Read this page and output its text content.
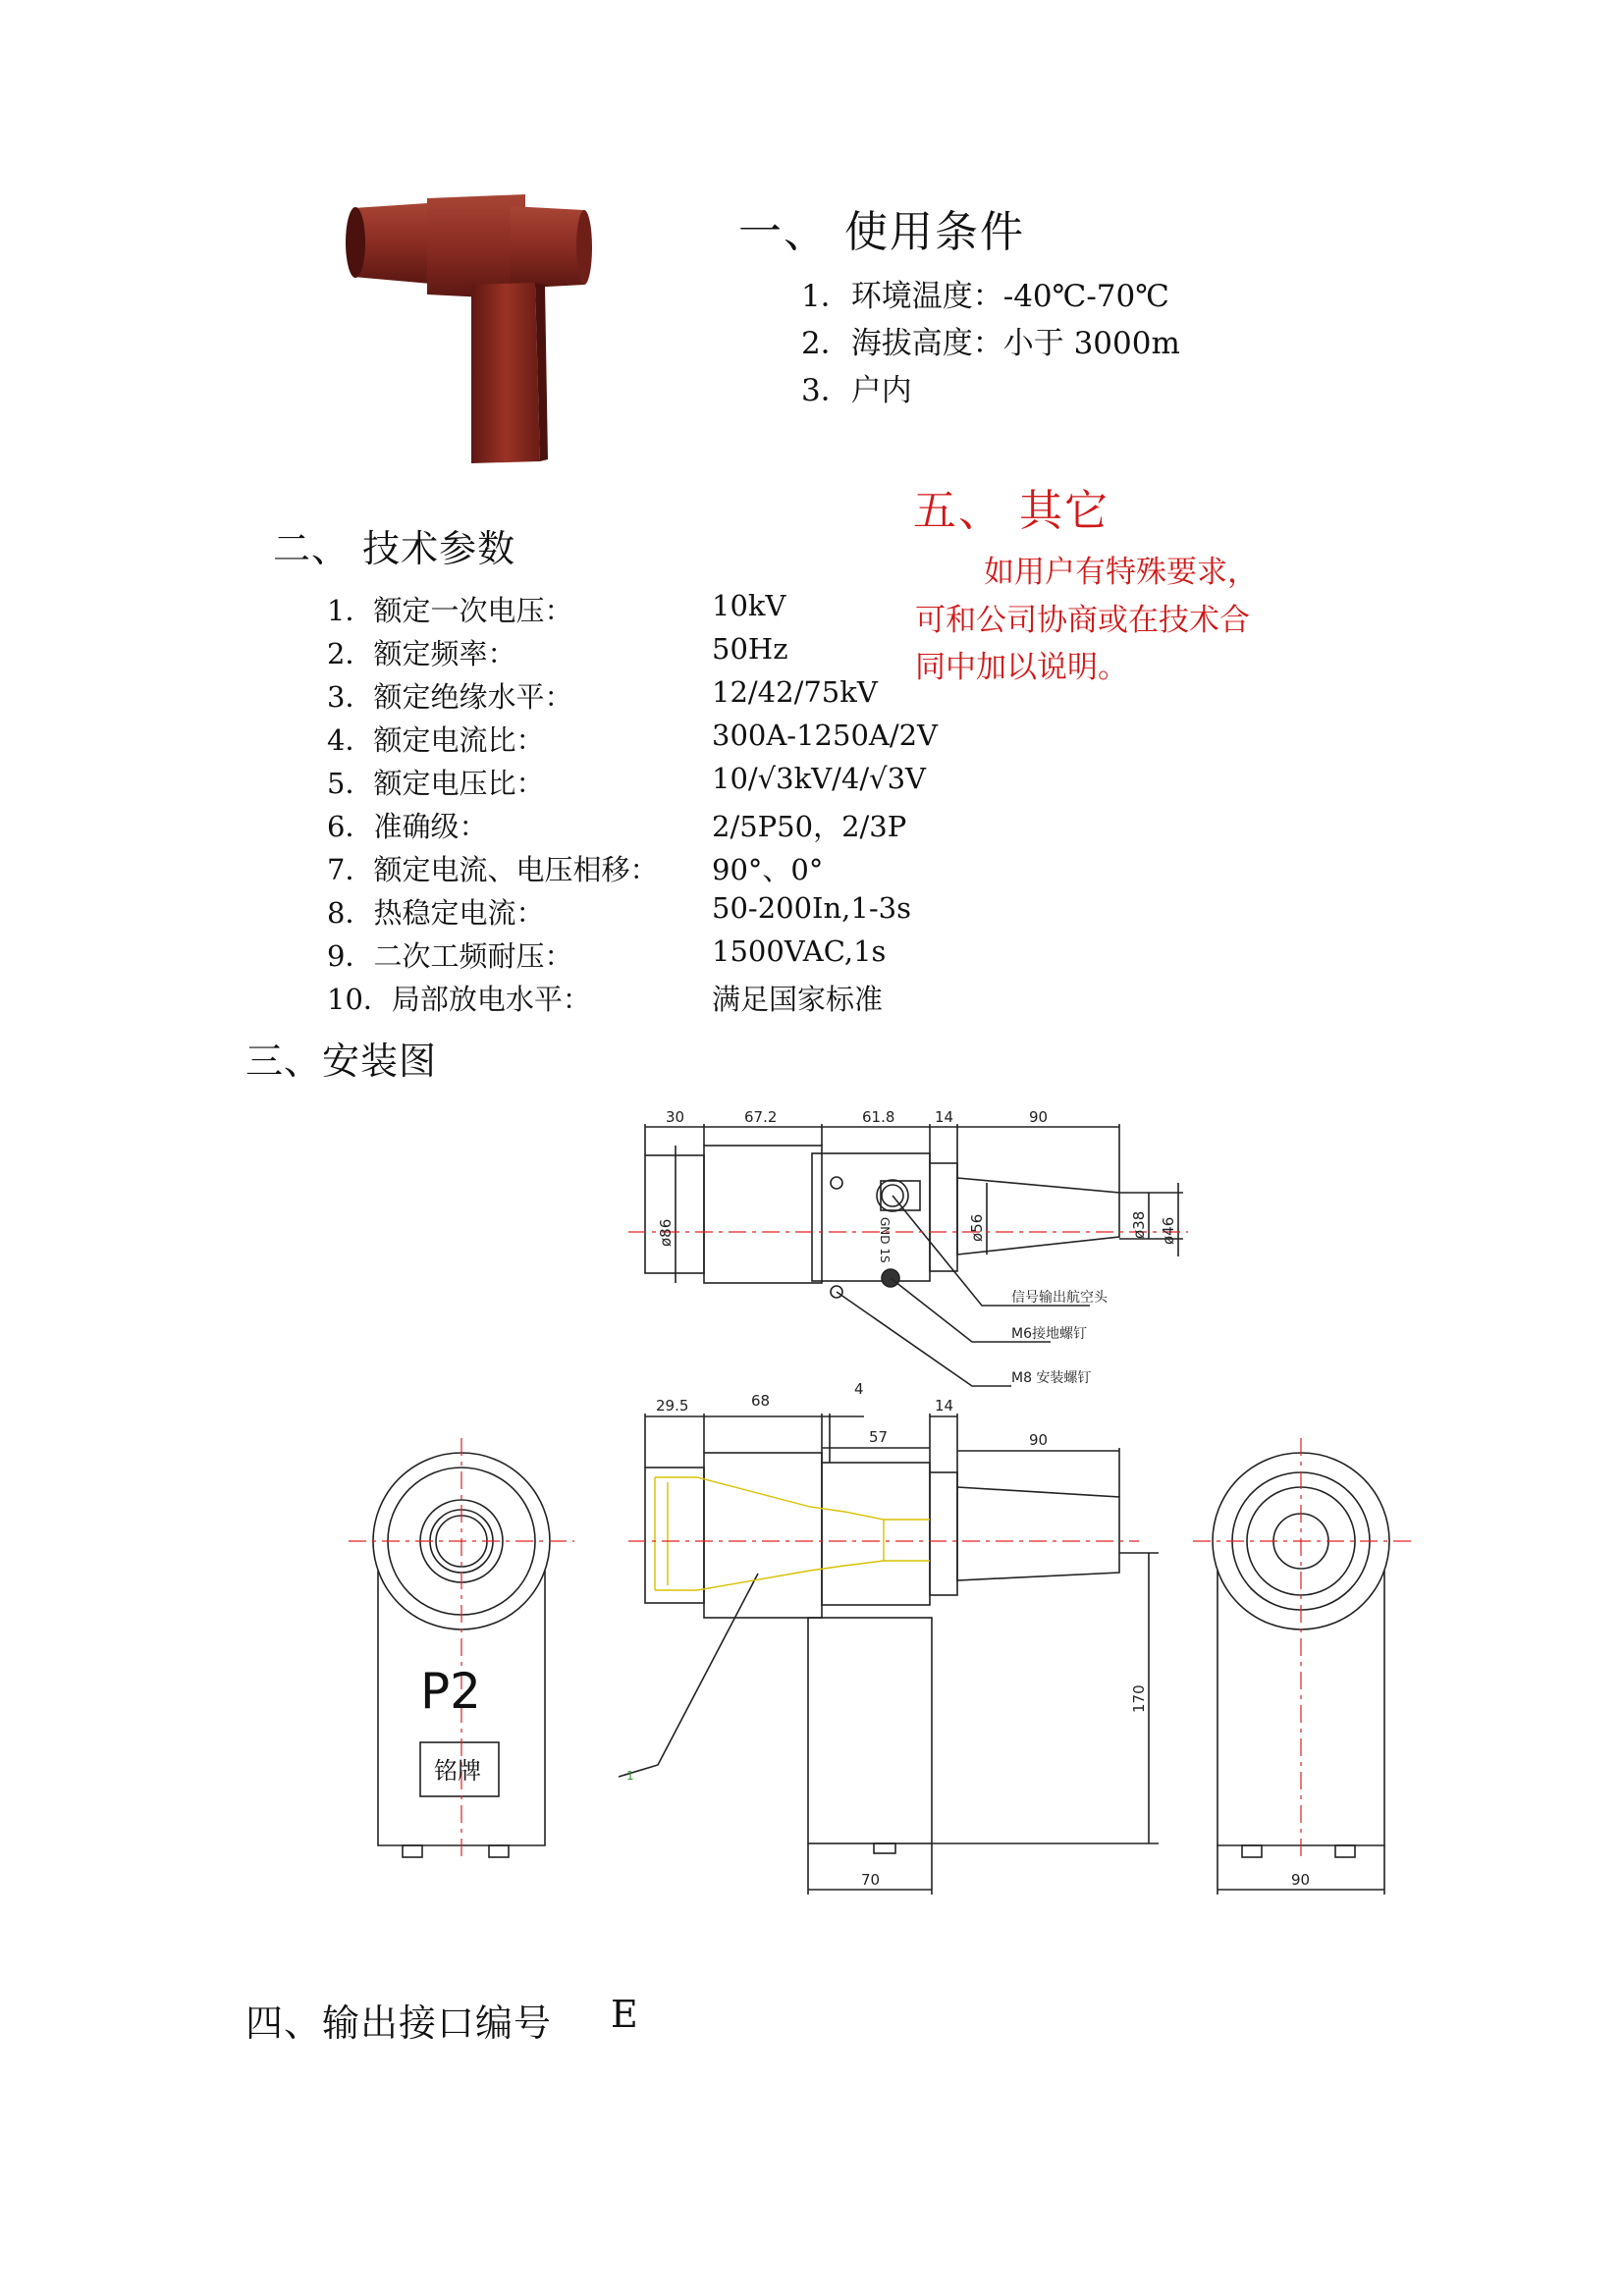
一、 使用条件
1．环境温度：-40℃-70℃
2．海拔高度：小于 3000m
3．户内
五、 其它
如用户有特殊要求，
可和公司协商或在技术合
同中加以说明。
二、 技术参数
1．额定一次电压：	10kV
2．额定频率：	50Hz
3．额定绝缘水平：	12/42/75kV
4．额定电流比：	300A-1250A/2V
5．额定电压比：	10/√3kV/4/√3V
6．准确级：	2/5P50，2/3P
7．额定电流、电压相移： 90°、0°
8．热稳定电流：	50-200In,1-3s
9．二次工频耐压：	1500VAC,1s
10．局部放电水平：	满足国家标准
三、安装图
30	67.2	61.8	14	90
ø86	ø56	ø38 ø46
GND 1S
信号输出航空头
M6接地螺钉
M8 安装螺钉
29.5	68
4
57
14
90
170
70	90
1
P2
铭牌
四、输出接口编号 E
